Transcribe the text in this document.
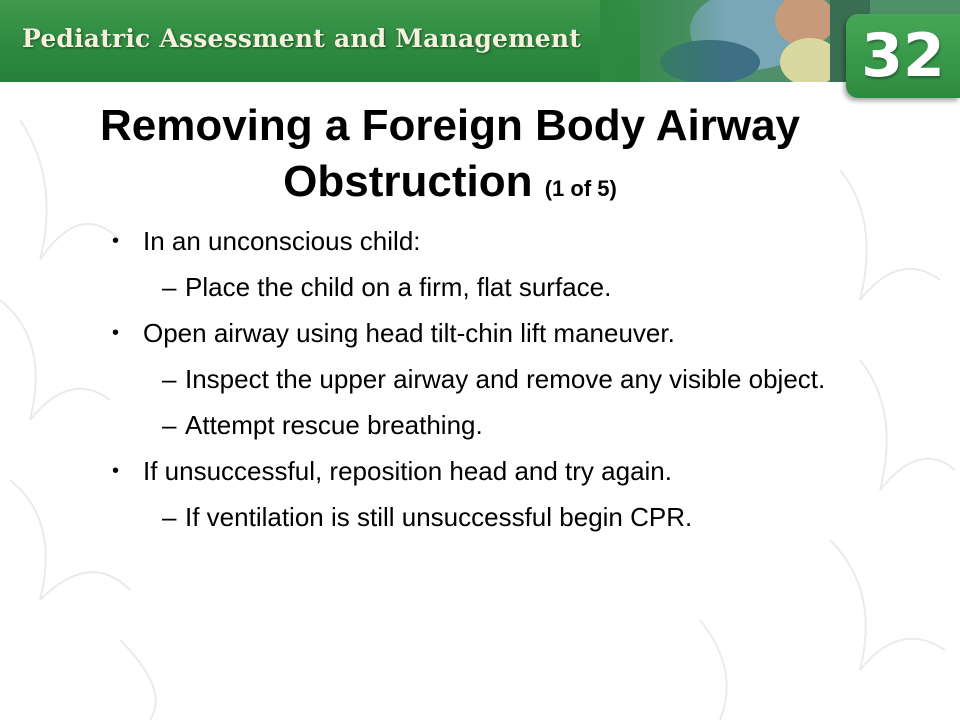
Pediatric Assessment and Management	32
Removing a Foreign Body Airway Obstruction (1 of 5)
• In an unconscious child:
– Place the child on a firm, flat surface.
• Open airway using head tilt-chin lift maneuver.
– Inspect the upper airway and remove any visible object.
– Attempt rescue breathing.
• If unsuccessful, reposition head and try again.
– If ventilation is still unsuccessful begin CPR.
